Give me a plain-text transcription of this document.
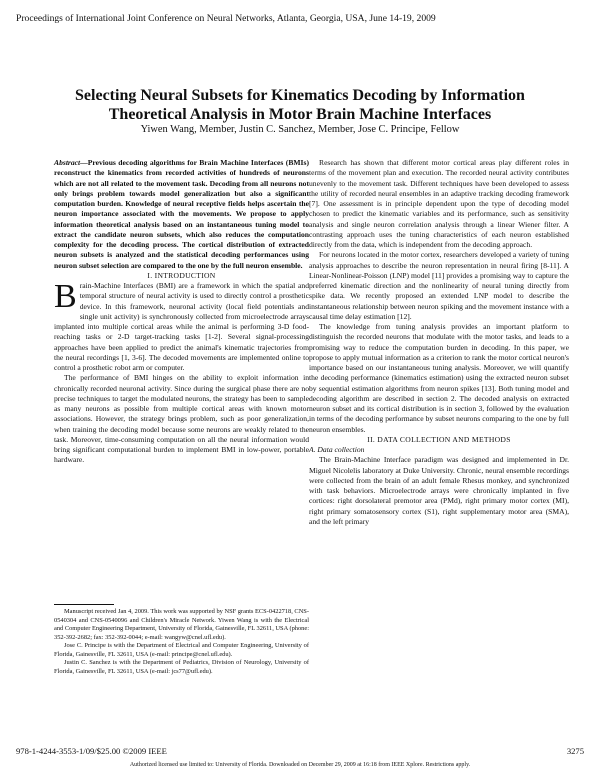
Proceedings of International Joint Conference on Neural Networks, Atlanta, Georgia, USA, June 14-19, 2009
Selecting Neural Subsets for Kinematics Decoding by Information Theoretical Analysis in Motor Brain Machine Interfaces
Yiwen Wang, Member, Justin C. Sanchez, Member, Jose C. Principe, Fellow

Abstract—Previous decoding algorithms for Brain Machine Interfaces (BMIs) reconstruct the kinematics from recorded activities of hundreds of neurons which are not all related to the movement task. Decoding from all neurons not only brings problem towards model generalization but also a significant computation burden. Knowledge of neural receptive fields helps ascertain the neuron importance associated with the movements. We propose to apply information theoretical analysis based on an instantaneous tuning model to extract the candidate neuron subsets, which also reduces the computation complexity for the decoding process. The cortical distribution of extracted neuron subsets is analyzed and the statistical decoding performances using neuron subset selection are compared to the one by the full neuron ensemble.

I. INTRODUCTION

Brain-Machine Interfaces (BMI) are a framework in which the spatial and temporal structure of neural activity is used to directly control a prosthetic device. In this framework, neuronal activity (local field potentials and single unit activity) is synchronously collected from microelectrode arrays implanted into multiple cortical areas while the animal is performing 3-D food-reaching tasks or 2-D target-tracking tasks [1-2]. Several signal-processing approaches have been applied to predict the animal's kinematic trajectories from the neural recordings [1, 3-6]. The decoded movements are implemented online to control a prosthetic robot arm or computer.

The performance of BMI hinges on the ability to exploit information in chronically recorded neuronal activity. Since during the surgical phase there are no precise techniques to target the modulated neurons, the strategy has been to sample as many neurons as possible from multiple cortical areas with known motor associations. However, the strategy brings problem, such as poor generalization, when training the decoding model because some neurons are weakly related to the task. Moreover, time-consuming computation on all the neural information would bring significant computational burden to implement BMI in low-power, portable hardware.

Manuscript received Jan 4, 2009. This work was supported by NSF grants ECS-0422718, CNS-0540304 and CNS-0540096 and Children's Miracle Network. Yiwen Wang is with the Electrical and Computer Engineering Department, University of Florida, Gainesville, FL 32611, USA (phone: 352-392-2682; fax: 352-392-0044; e-mail: wangyw@cnel.ufl.edu).

Jose C. Principe is with the Department of Electrical and Computer Engineering, University of Florida, Gainesville, FL 32611, USA (e-mail: principe@cnel.ufl.edu).

Justin C. Sanchez is with the Department of Pediatrics, Division of Neurology, University of Florida, Gainesville, FL 32611, USA (e-mail: jcs77@ufl.edu).

Research has shown that different motor cortical areas play different roles in terms of the movement plan and execution. The recorded neural activity contributes unevenly to the movement task. Different techniques have been developed to assess the utility of recorded neural ensembles in an adaptive tracking decoding framework [7]. One assessment is in principle dependent upon the type of decoding model chosen to predict the kinematic variables and its performance, such as sensitivity analysis and single neuron correlation analysis through a linear Wiener filter. A contrasting approach uses the tuning characteristics of each neuron established directly from the data, which is independent from the decoding approach.

For neurons located in the motor cortex, researchers developed a variety of tuning analysis approaches to describe the neuron representation in neural firing [8-11]. A Linear-Nonlinear-Poisson (LNP) model [11] provides a promising way to capture the preferred kinematic direction and the nonlinearity of neural tuning directly from spike data. We recently proposed an extended LNP model to describe the instantaneous relationship between neuron spiking and the movement instance with a causal time delay estimation [12].

The knowledge from tuning analysis provides an important platform to distinguish the recorded neurons that modulate with the motor tasks, and leads to a promising way to reduce the computation burden in decoding. In this paper, we propose to apply mutual information as a criterion to rank the motor cortical neuron's importance based on our instantaneous tuning analysis. Moreover, we will quantify the decoding performance (kinematics estimation) using the extracted neuron subset by sequential estimation algorithms from neuron spikes [13]. Both tuning model and decoding algorithm are described in section 2. The decoded analysis on extracted neuron subset and its cortical distribution is in section 3, followed by the evaluation in terms of the decoding performance by subset neurons comparing to the one by full neuron ensembles.

II. DATA COLLECTION AND METHODS

A. Data collection

The Brain-Machine Interface paradigm was designed and implemented in Dr. Miguel Nicolelis laboratory at Duke University. Chronic, neural ensemble recordings were collected from the brain of an adult female Rhesus monkey, and synchronized with task behaviors. Microelectrode arrays were chronically implanted in five cortices: right dorsolateral premotor area (PMd), right primary motor cortex (MI), right primary somatosensory cortex (S1), right supplementary motor area (SMA), and the left primary

978-1-4244-3553-1/09/$25.00 ©2009 IEEE	3275
Authorized licensed use limited to: University of Florida. Downloaded on December 29, 2009 at 16:18 from IEEE Xplore. Restrictions apply.
